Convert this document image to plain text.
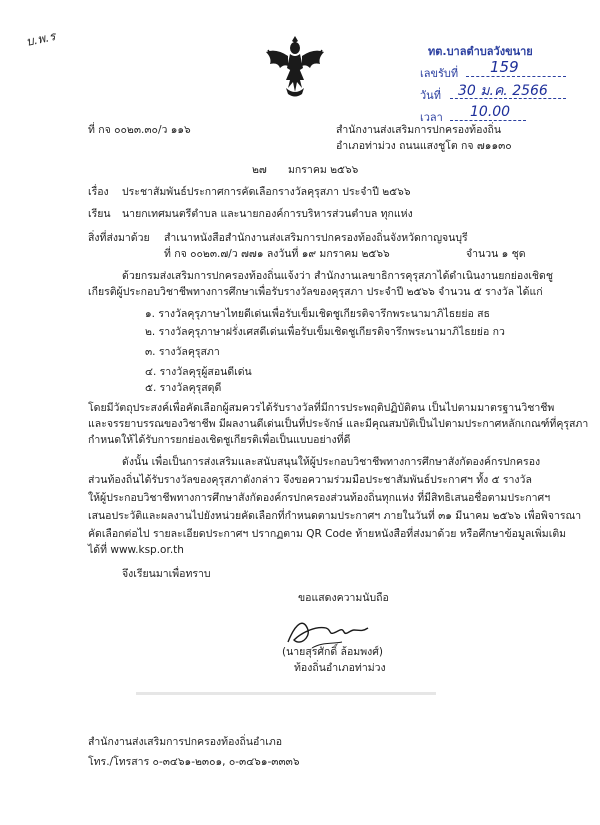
บ.พ.ร
ทต.บาลตำบลวังขนาย
เลขรับที่ 159
วันที่ 30 ม.ค. 2566
เวลา 10.00
ที่ กจ ๐๐๒๓.๓๐/ว ๑๑๖	สำนักงานส่งเสริมการปกครองท้องถิ่น
อำเภอท่าม่วง ถนนแสงชูโต กจ ๗๑๑๓๐
๒๗ มกราคม ๒๕๖๖
เรื่อง ประชาสัมพันธ์ประกาศการคัดเลือกรางวัลคุรุสภา ประจำปี ๒๕๖๖
เรียน นายกเทศมนตรีตำบล และนายกองค์การบริหารส่วนตำบล ทุกแห่ง
สิ่งที่ส่งมาด้วย สำเนาหนังสือสำนักงานส่งเสริมการปกครองท้องถิ่นจังหวัดกาญจนบุรี
ที่ กจ ๐๐๒๓.๗/ว ๗๗๑ ลงวันที่ ๑๙ มกราคม ๒๕๖๖	จำนวน ๑ ชุด
ด้วยกรมส่งเสริมการปกครองท้องถิ่นแจ้งว่า สำนักงานเลขาธิการคุรุสภาได้ดำเนินงานยกย่องเชิดชู
เกียรติผู้ประกอบวิชาชีพทางการศึกษาเพื่อรับรางวัลของคุรุสภา ประจำปี ๒๕๖๖ จำนวน ๕ รางวัล ได้แก่
๑. รางวัลคุรุภาษาไทยดีเด่นเพื่อรับเข็มเชิดชูเกียรติจารึกพระนามาภิไธยย่อ สธ
๒. รางวัลคุรุภาษาฝรั่งเศสดีเด่นเพื่อรับเข็มเชิดชูเกียรติจารึกพระนามาภิไธยย่อ กว
๓. รางวัลคุรุสภา
๔. รางวัลคุรุผู้สอนดีเด่น
๕. รางวัลคุรุสดุดี
โดยมีวัตถุประสงค์เพื่อคัดเลือกผู้สมควรได้รับรางวัลที่มีการประพฤติปฏิบัติตน เป็นไปตามมาตรฐานวิชาชีพ
และจรรยาบรรณของวิชาชีพ มีผลงานดีเด่นเป็นที่ประจักษ์ และมีคุณสมบัติเป็นไปตามประกาศหลักเกณฑ์ที่คุรุสภา
กำหนดให้ได้รับการยกย่องเชิดชูเกียรติเพื่อเป็นแบบอย่างที่ดี
ดังนั้น เพื่อเป็นการส่งเสริมและสนับสนุนให้ผู้ประกอบวิชาชีพทางการศึกษาสังกัดองค์กรปกครอง
ส่วนท้องถิ่นได้รับรางวัลของคุรุสภาดังกล่าว จึงขอความร่วมมือประชาสัมพันธ์ประกาศฯ ทั้ง ๕ รางวัล
ให้ผู้ประกอบวิชาชีพทางการศึกษาสังกัดองค์กรปกครองส่วนท้องถิ่นทุกแห่ง ที่มีสิทธิเสนอชื่อตามประกาศฯ
เสนอประวัติและผลงานไปยังหน่วยคัดเลือกที่กำหนดตามประกาศฯ ภายในวันที่ ๓๑ มีนาคม ๒๕๖๖ เพื่อพิจารณา
คัดเลือกต่อไป รายละเอียดประกาศฯ ปรากฏตาม QR Code ท้ายหนังสือที่ส่งมาด้วย หรือศึกษาข้อมูลเพิ่มเติม
ได้ที่ www.ksp.or.th
จึงเรียนมาเพื่อทราบ
ขอแสดงความนับถือ
(นายสุรศักดิ์ ล้อมพงศ์)
ท้องถิ่นอำเภอท่าม่วง
สำนักงานส่งเสริมการปกครองท้องถิ่นอำเภอ
โทร./โทรสาร ๐-๓๔๖๑-๒๓๐๑, ๐-๓๔๖๑-๓๓๓๖
